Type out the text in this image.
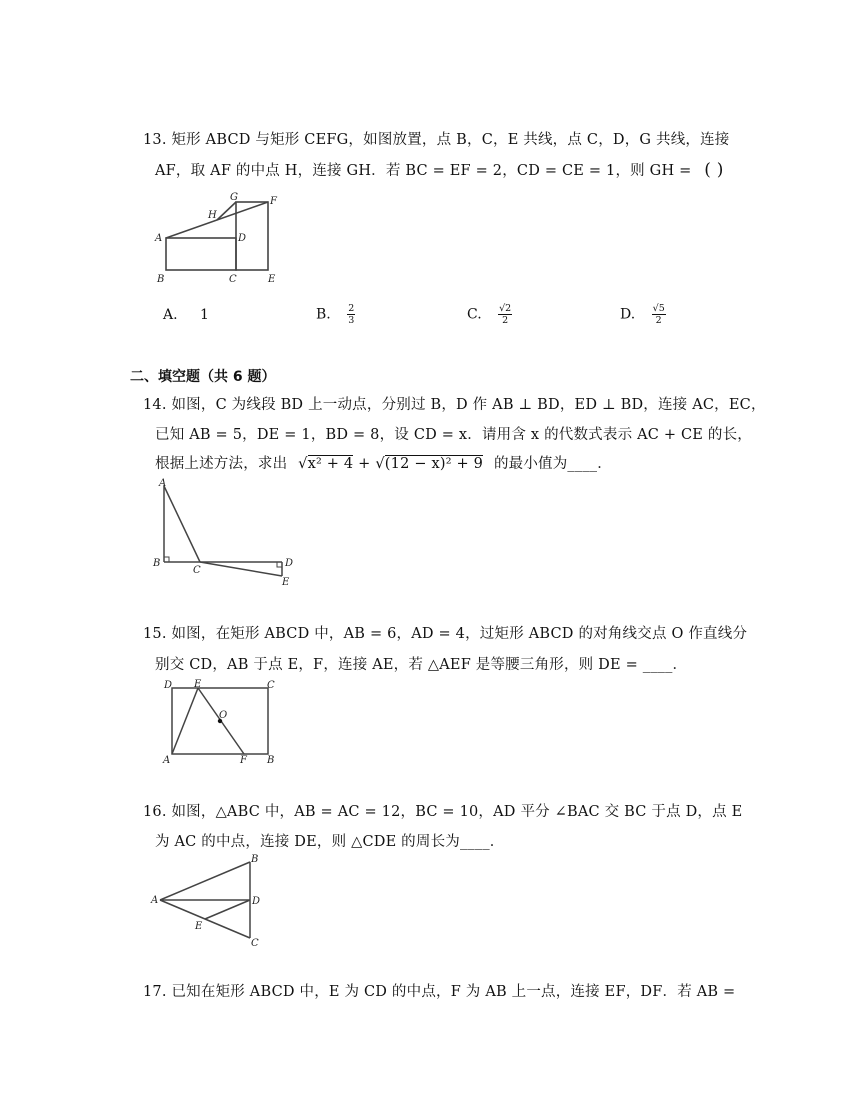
13. 矩形 ABCD 与矩形 CEFG，如图放置，点 B，C，E 共线，点 C，D，G 共线，连接
AF，取 AF 的中点 H，连接 GH．若 BC = EF = 2，CD = CE = 1，则 GH = ( )
G	F
H
A	D
B	C	E
A. 1	B. $\frac{2}{3}$	C. $\frac{√2}{2}$	D. $\frac{√5}{2}$
二、填空题（共 6 题）
14. 如图，C 为线段 BD 上一动点，分别过 B，D 作 AB ⊥ BD，ED ⊥ BD，连接 AC，EC，
已知 AB = 5，DE = 1，BD = 8，设 CD = x．请用含 x 的代数式表示 AC + CE 的长，
根据上述方法，求出 √x² + 4 + √(12 − x)² + 9 的最小值为____．
A
B
C
D
E
15. 如图，在矩形 ABCD 中，AB = 6，AD = 4，过矩形 ABCD 的对角线交点 O 作直线分
别交 CD，AB 于点 E，F，连接 AE，若 △AEF 是等腰三角形，则 DE = ____．
D E	C
O
A	F B
16. 如图，△ABC 中，AB = AC = 12，BC = 10，AD 平分 ∠BAC 交 BC 于点 D，点 E
为 AC 的中点，连接 DE，则 △CDE 的周长为____．
B
A	D
E
C
17. 已知在矩形 ABCD 中，E 为 CD 的中点，F 为 AB 上一点，连接 EF，DF．若 AB =
